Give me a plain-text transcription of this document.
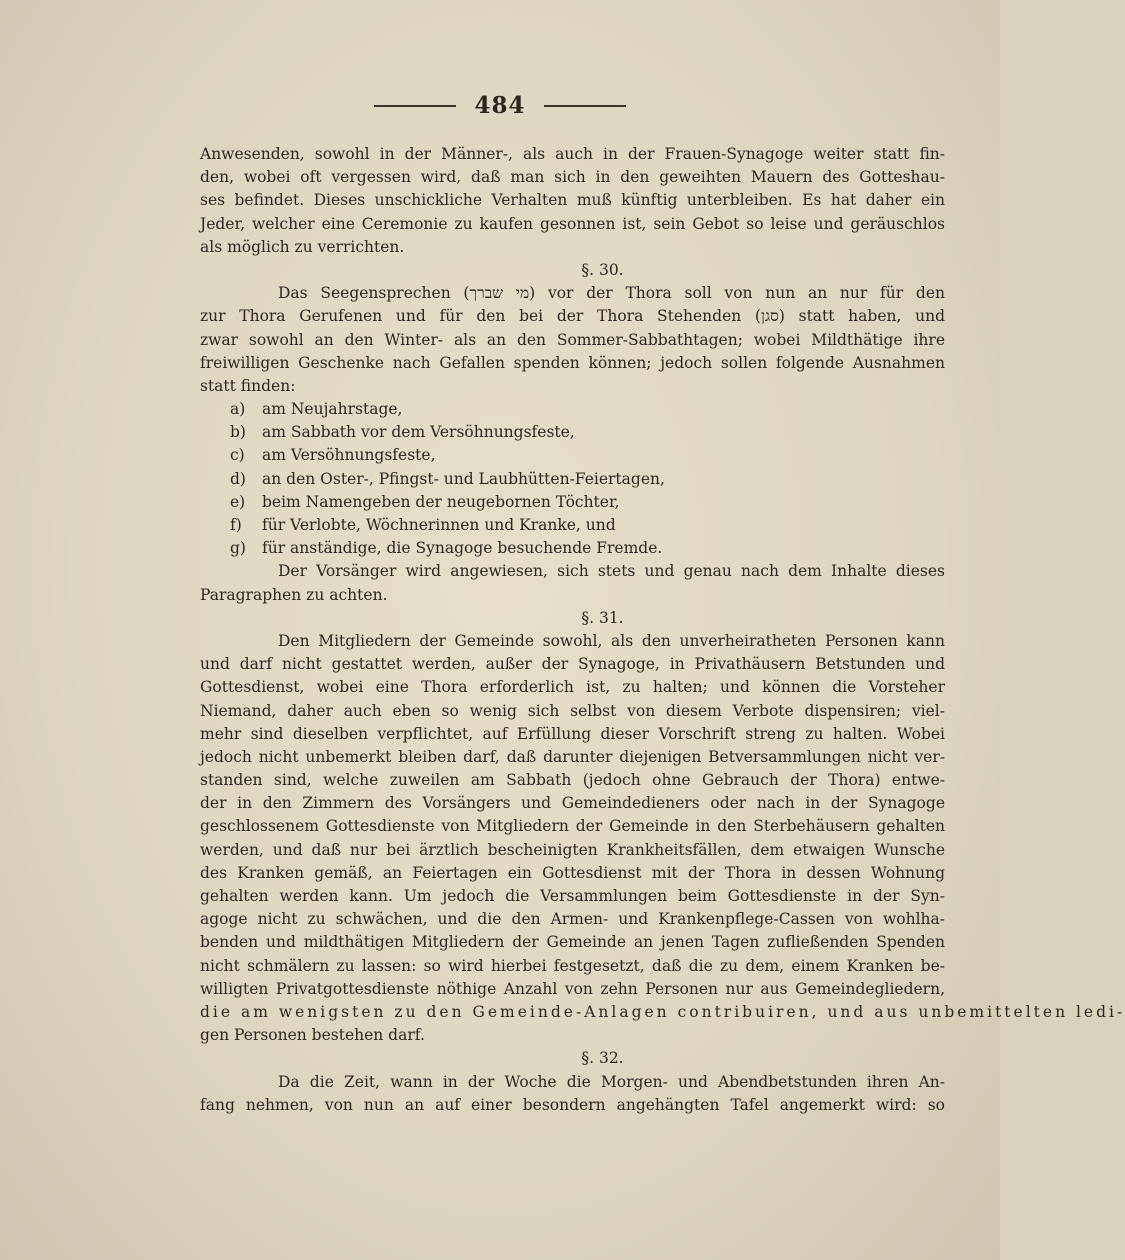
484
Anwesenden, sowohl in der Männer-, als auch in der Frauen-Synagoge weiter statt fin-
den, wobei oft vergessen wird, daß man sich in den geweihten Mauern des Gotteshau-
ses befindet. Dieses unschickliche Verhalten muß künftig unterbleiben. Es hat daher ein
Jeder, welcher eine Ceremonie zu kaufen gesonnen ist, sein Gebot so leise und geräuschlos
als möglich zu verrichten.
§. 30.
Das Seegensprechen (מי שברך) vor der Thora soll von nun an nur für den
zur Thora Gerufenen und für den bei der Thora Stehenden (סגן) statt haben, und
zwar sowohl an den Winter- als an den Sommer-Sabbathtagen; wobei Mildthätige ihre
freiwilligen Geschenke nach Gefallen spenden können; jedoch sollen folgende Ausnahmen
statt finden:
a) am Neujahrstage,
b) am Sabbath vor dem Versöhnungsfeste,
c) am Versöhnungsfeste,
d) an den Oster-, Pfingst- und Laubhütten-Feiertagen,
e) beim Namengeben der neugebornen Töchter,
f) für Verlobte, Wöchnerinnen und Kranke, und
g) für anständige, die Synagoge besuchende Fremde.
Der Vorsänger wird angewiesen, sich stets und genau nach dem Inhalte dieses
Paragraphen zu achten.
§. 31.
Den Mitgliedern der Gemeinde sowohl, als den unverheiratheten Personen kann
und darf nicht gestattet werden, außer der Synagoge, in Privathäusern Betstunden und
Gottesdienst, wobei eine Thora erforderlich ist, zu halten; und können die Vorsteher
Niemand, daher auch eben so wenig sich selbst von diesem Verbote dispensiren; viel-
mehr sind dieselben verpflichtet, auf Erfüllung dieser Vorschrift streng zu halten. Wobei
jedoch nicht unbemerkt bleiben darf, daß darunter diejenigen Betversammlungen nicht ver-
standen sind, welche zuweilen am Sabbath (jedoch ohne Gebrauch der Thora) entwe-
der in den Zimmern des Vorsängers und Gemeindedieners oder nach in der Synagoge
geschlossenem Gottesdienste von Mitgliedern der Gemeinde in den Sterbehäusern gehalten
werden, und daß nur bei ärztlich bescheinigten Krankheitsfällen, dem etwaigen Wunsche
des Kranken gemäß, an Feiertagen ein Gottesdienst mit der Thora in dessen Wohnung
gehalten werden kann. Um jedoch die Versammlungen beim Gottesdienste in der Syn-
agoge nicht zu schwächen, und die den Armen- und Krankenpflege-Cassen von wohlha-
benden und mildthätigen Mitgliedern der Gemeinde an jenen Tagen zufließenden Spenden
nicht schmälern zu lassen: so wird hierbei festgesetzt, daß die zu dem, einem Kranken be-
willigten Privatgottesdienste nöthige Anzahl von zehn Personen nur aus Gemeindegliedern,
die am wenigsten zu den Gemeinde-Anlagen contribuiren, und aus unbemittelten ledi-
gen Personen bestehen darf.
§. 32.
Da die Zeit, wann in der Woche die Morgen- und Abendbetstunden ihren An-
fang nehmen, von nun an auf einer besondern angehängten Tafel angemerkt wird: so
